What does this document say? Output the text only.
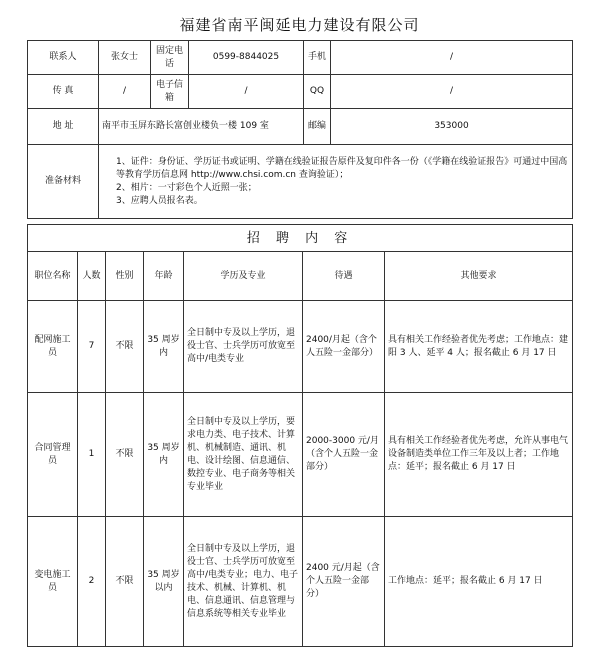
福建省南平闽延电力建设有限公司
联系人	张女士	固定电话	0599-8844025	手机	/
传 真	/	电子信箱	/	QQ	/
地 址	南平市玉屏东路长富创业楼负一楼 109 室			邮编	353000
准备材料	1、证件：身份证、学历证书或证明、学籍在线验证报告原件及复印件各一份（《学籍在线验证报告》可通过中国高等教育学历信息网 http://www.chsi.com.cn 查询验证）；
2、相片：一寸彩色个人近照一张；
3、应聘人员报名表。				
招 聘 内 容						
职位名称	人数	性别	年龄	学历及专业	待遇	其他要求
配网施工员	7	不限	35 周岁内	全日制中专及以上学历，退役士官、士兵学历可放宽至高中/电类专业	2400/月起（含个人五险一金部分）	具有相关工作经验者优先考虑；工作地点：建阳 3 人、延平 4 人；报名截止 6 月 17 日
合同管理员	1	不限	35 周岁内	全日制中专及以上学历，要求电力类、电子技术、计算机、机械制造、通讯、机电、设计绘图、信息通信、数控专业、电子商务等相关专业毕业	2000-3000 元/月（含个人五险一金部分）	具有相关工作经验者优先考虑，允许从事电气设备制造类单位工作三年及以上者；工作地点：延平；报名截止 6 月 17 日
变电施工员	2	不限	35 周岁以内	全日制中专及以上学历，退役士官、士兵学历可放宽至高中/电类专业；电力、电子技术、机械、计算机、机电、信息通讯、信息管理与信息系统等相关专业毕业	2400 元/月起（含个人五险一金部分）	工作地点：延平；报名截止 6 月 17 日
